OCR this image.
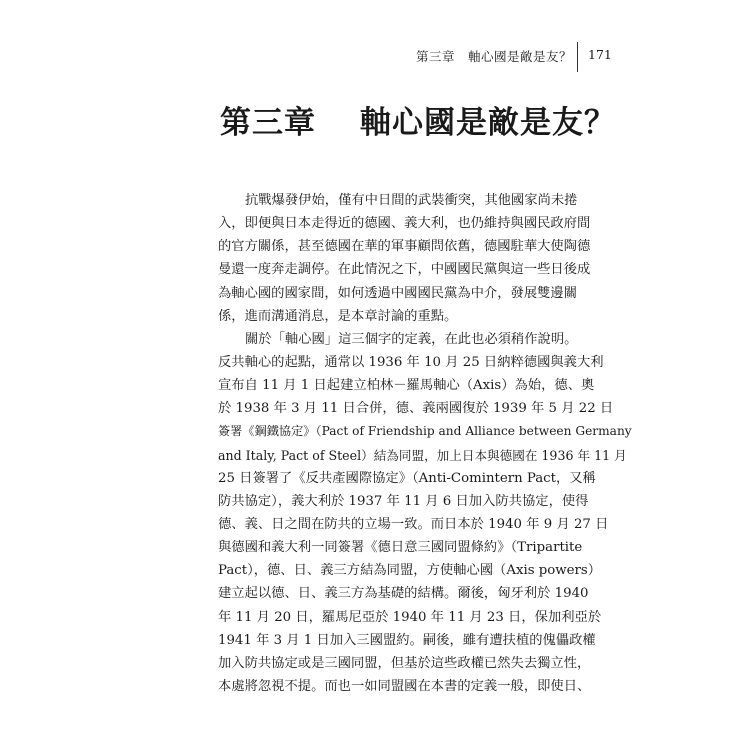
第三章　軸心國是敵是友？ 171
第三章 軸心國是敵是友？
抗戰爆發伊始，僅有中日間的武裝衝突，其他國家尚未捲
入，即便與日本走得近的德國、義大利，也仍維持與國民政府間
的官方關係，甚至德國在華的軍事顧問依舊，德國駐華大使陶德
曼還一度奔走調停。在此情況之下，中國國民黨與這一些日後成
為軸心國的國家間，如何透過中國國民黨為中介，發展雙邊關
係，進而溝通消息，是本章討論的重點。
關於「軸心國」這三個字的定義，在此也必須稍作說明。
反共軸心的起點，通常以 1936 年 10 月 25 日納粹德國與義大利
宣布自 11 月 1 日起建立柏林－羅馬軸心（Axis）為始，德、奧
於 1938 年 3 月 11 日合併，德、義兩國復於 1939 年 5 月 22 日
簽署《鋼鐵協定》（Pact of Friendship and Alliance between Germany
and Italy, Pact of Steel）結為同盟，加上日本與德國在 1936 年 11 月
25 日簽署了《反共產國際協定》（Anti-Comintern Pact，又稱
防共協定），義大利於 1937 年 11 月 6 日加入防共協定，使得
德、義、日之間在防共的立場一致。而日本於 1940 年 9 月 27 日
與德國和義大利一同簽署《德日意三國同盟條約》（Tripartite
Pact），德、日、義三方結為同盟，方使軸心國（Axis powers）
建立起以德、日、義三方為基礎的結構。爾後，匈牙利於 1940
年 11 月 20 日，羅馬尼亞於 1940 年 11 月 23 日，保加利亞於
1941 年 3 月 1 日加入三國盟約。嗣後，雖有遭扶植的傀儡政權
加入防共協定或是三國同盟，但基於這些政權已然失去獨立性，
本處將忽視不提。而也一如同盟國在本書的定義一般，即使日、
